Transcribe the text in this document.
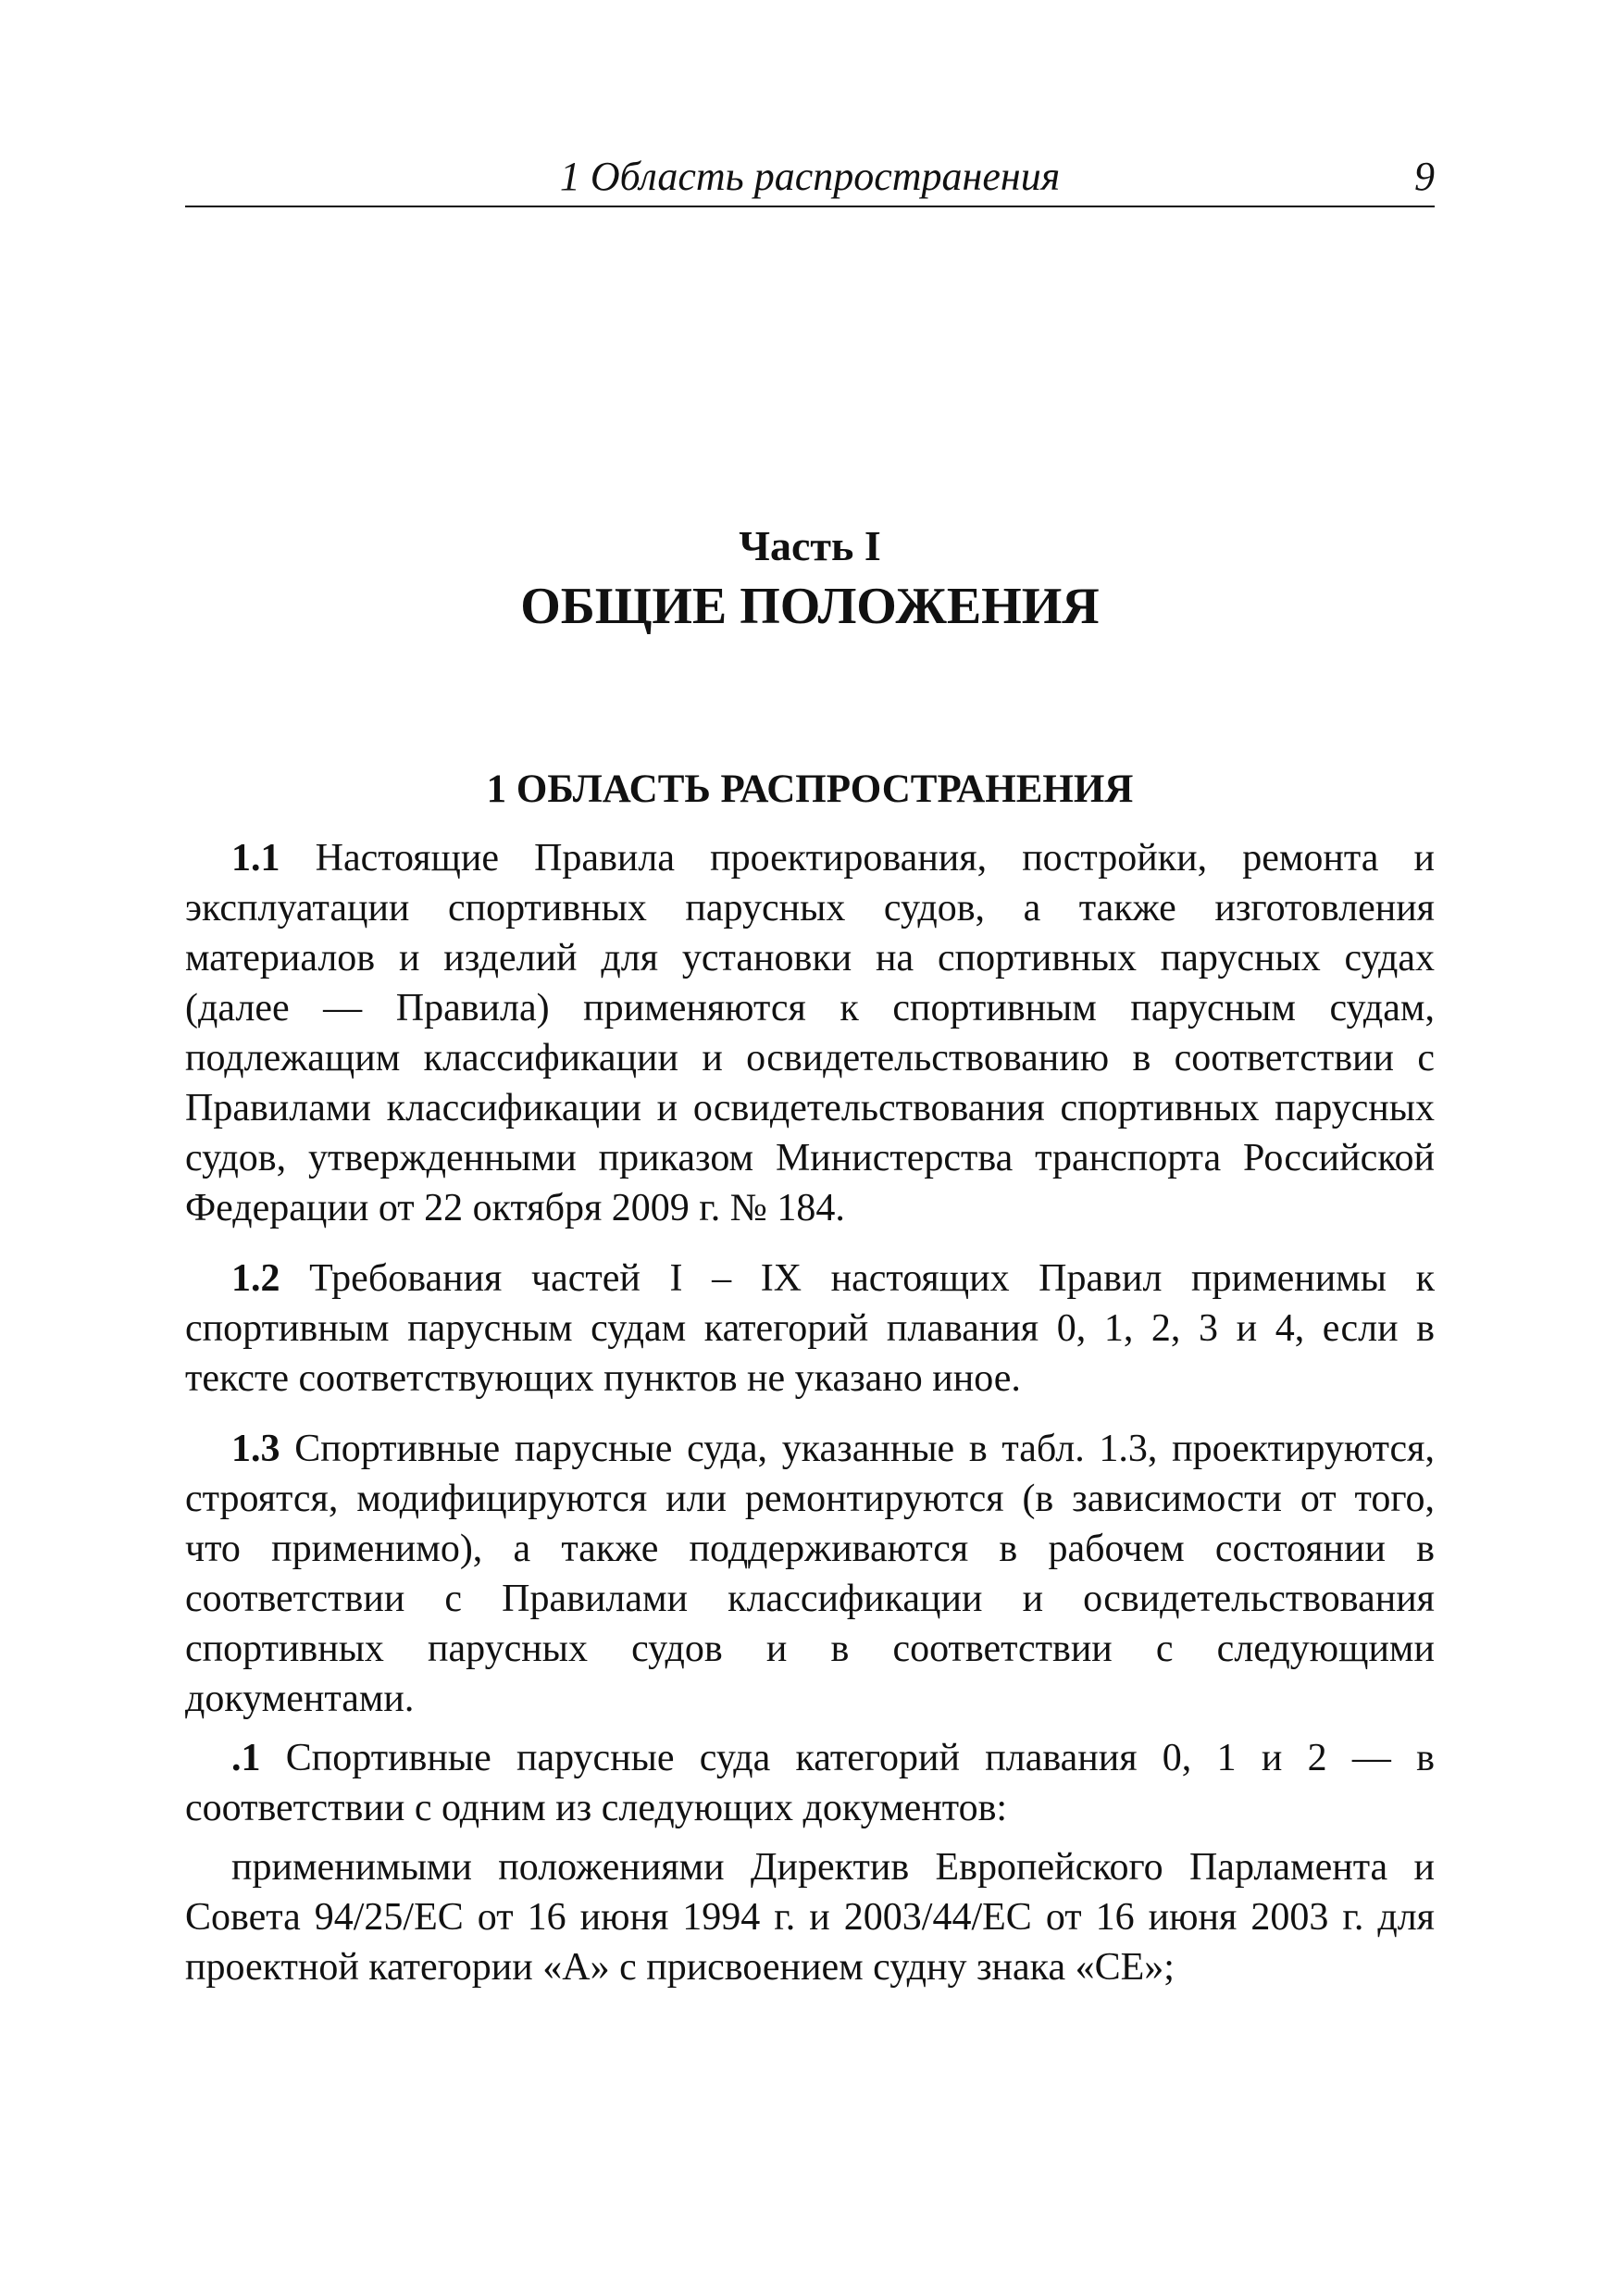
1 Область распространения	9
Часть I
ОБЩИЕ ПОЛОЖЕНИЯ
1 ОБЛАСТЬ РАСПРОСТРАНЕНИЯ

1.1 Настоящие Правила проектирования, постройки, ремонта и эксплуатации спортивных парусных судов, а также изготовления материалов и изделий для установки на спортивных парусных судах (далее — Правила) применяются к спортивным парусным судам, подлежащим классификации и освидетельствованию в соответствии с Правилами классификации и освидетельствования спортивных парусных судов, утвержденными приказом Министерства транспорта Российской Федерации от 22 октября 2009 г. № 184.

1.2 Требования частей I – IX настоящих Правил применимы к спортивным парусным судам категорий плавания 0, 1, 2, 3 и 4, если в тексте соответствующих пунктов не указано иное.

1.3 Спортивные парусные суда, указанные в табл. 1.3, проектируются, строятся, модифицируются или ремонтируются (в зависимости от того, что применимо), а также поддерживаются в рабочем состоянии в соответствии с Правилами классификации и освидетельствования спортивных парусных судов и в соответствии с следующими документами.

.1 Спортивные парусные суда категорий плавания 0, 1 и 2 — в соответствии с одним из следующих документов:

применимыми положениями Директив Европейского Парламента и Совета 94/25/ЕС от 16 июня 1994 г. и 2003/44/ЕС от 16 июня 2003 г. для проектной категории «А» с присвоением судну знака «СЕ»;
